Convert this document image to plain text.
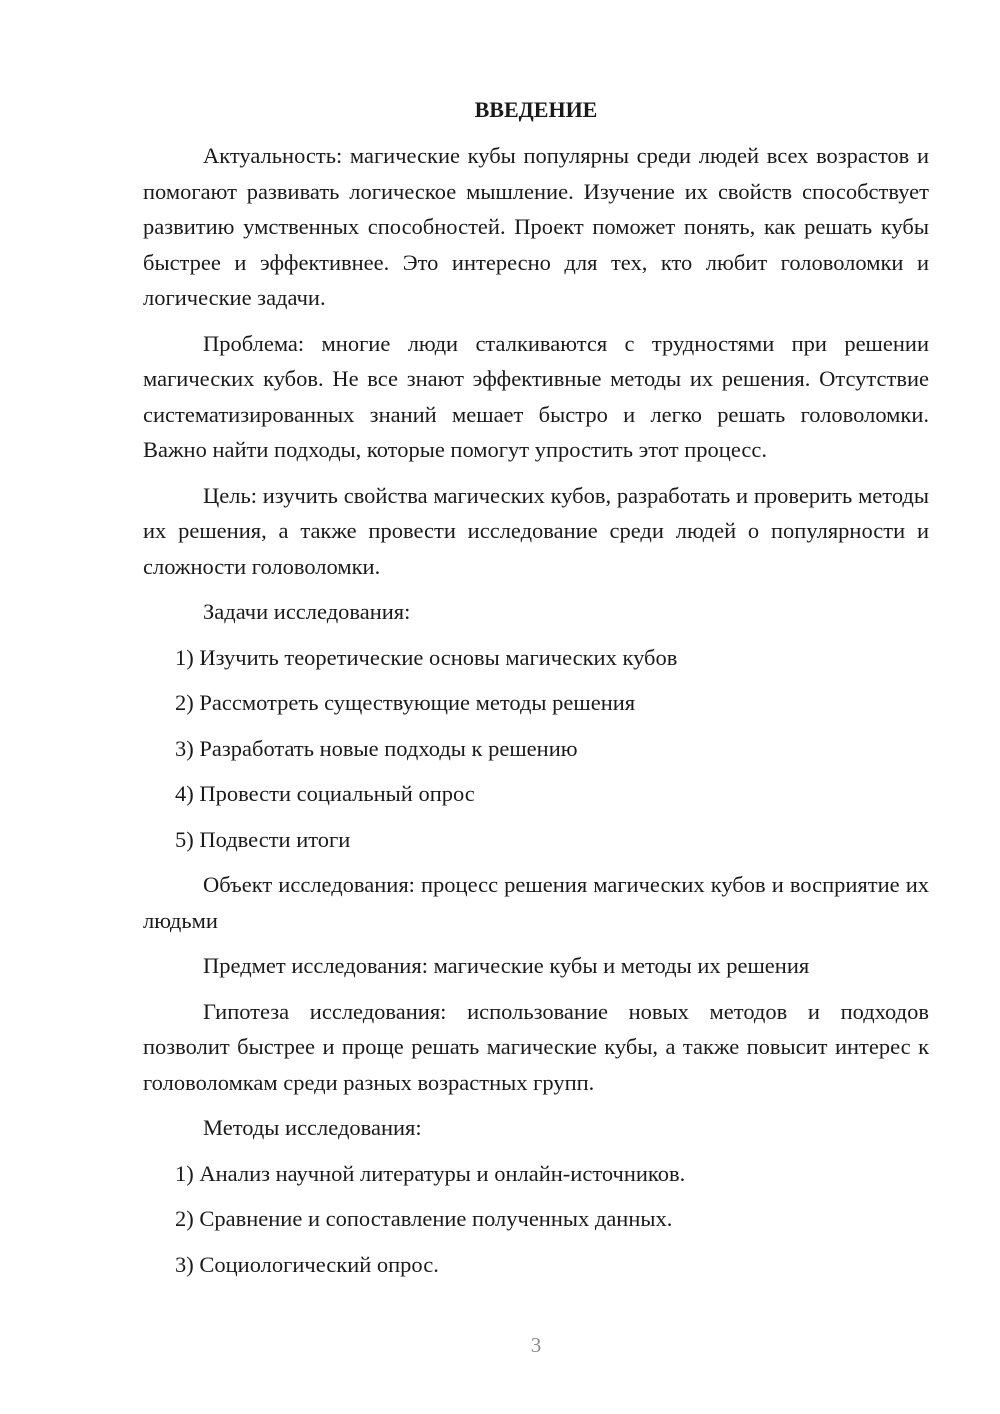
ВВЕДЕНИЕ

Актуальность: магические кубы популярны среди людей всех возрастов и помогают развивать логическое мышление. Изучение их свойств способствует развитию умственных способностей. Проект поможет понять, как решать кубы быстрее и эффективнее. Это интересно для тех, кто любит головоломки и логические задачи.

Проблема: многие люди сталкиваются с трудностями при решении магических кубов. Не все знают эффективные методы их решения. Отсутствие систематизированных знаний мешает быстро и легко решать головоломки. Важно найти подходы, которые помогут упростить этот процесс.

Цель: изучить свойства магических кубов, разработать и проверить методы их решения, а также провести исследование среди людей о популярности и сложности головоломки.

Задачи исследования:

1) Изучить теоретические основы магических кубов

2) Рассмотреть существующие методы решения

3) Разработать новые подходы к решению

4) Провести социальный опрос

5) Подвести итоги

Объект исследования: процесс решения магических кубов и восприятие их людьми

Предмет исследования: магические кубы и методы их решения

Гипотеза исследования: использование новых методов и подходов позволит быстрее и проще решать магические кубы, а также повысит интерес к головоломкам среди разных возрастных групп.

Методы исследования:

1) Анализ научной литературы и онлайн-источников.

2) Сравнение и сопоставление полученных данных.

3) Социологический опрос.

3
